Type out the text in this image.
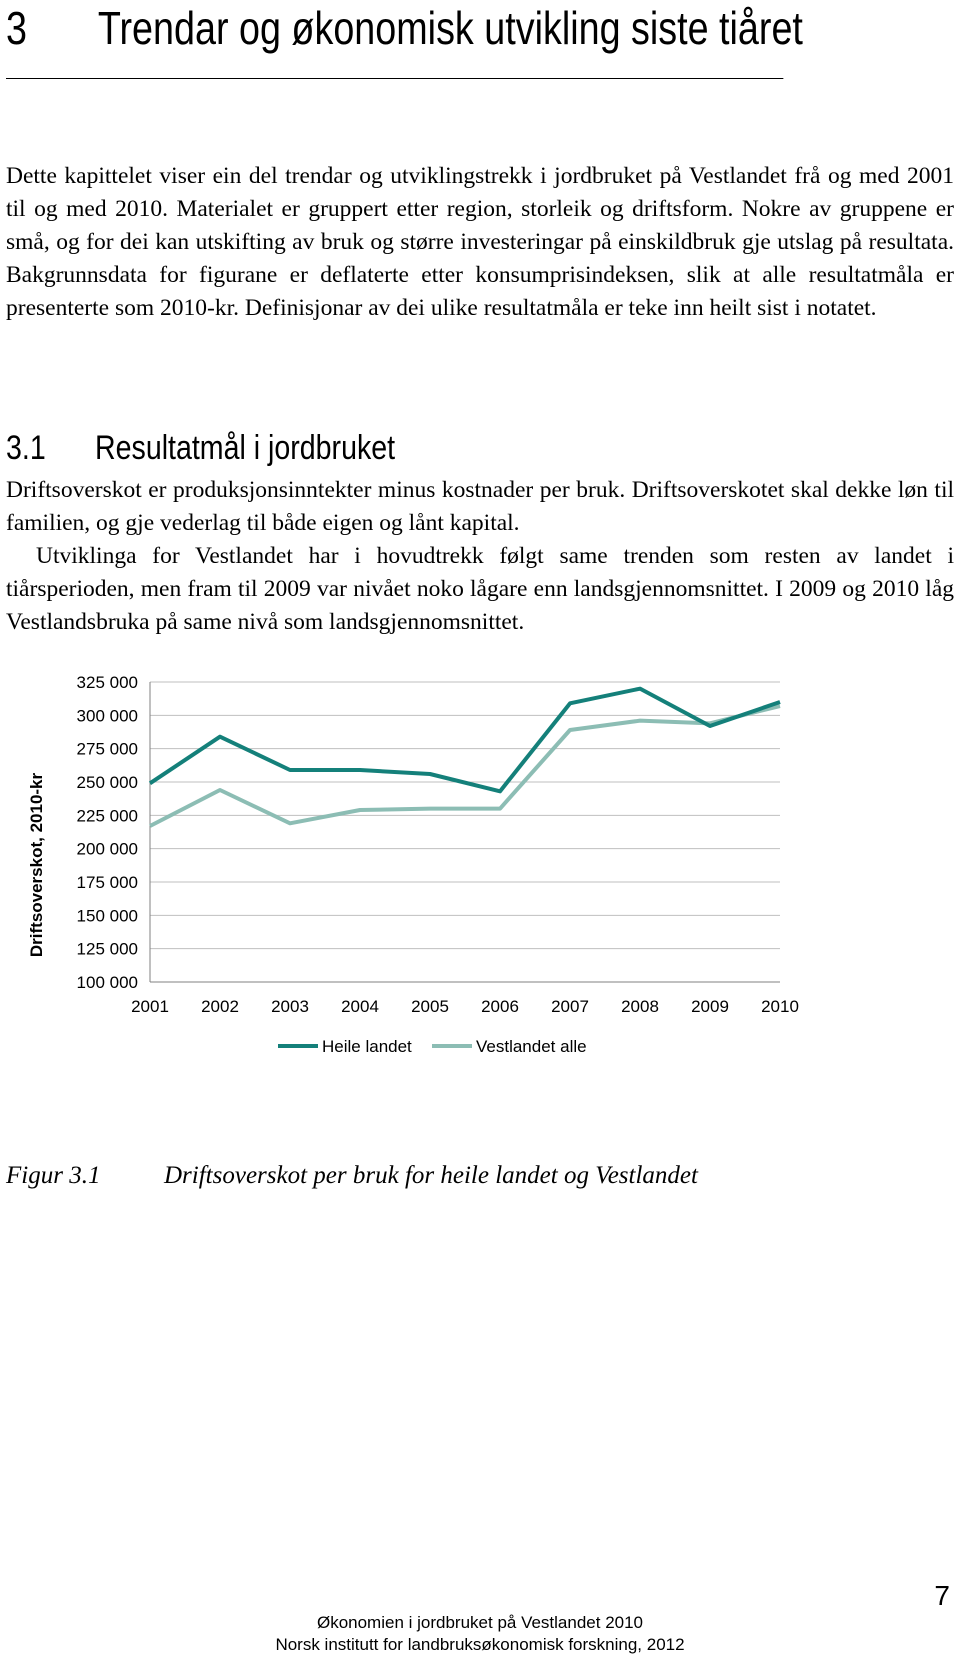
3 Trendar og økonomisk utvikling siste tiåret

Dette kapittelet viser ein del trendar og utviklingstrekk i jordbruket på Vestlandet frå og med 2001 til og med 2010. Materialet er gruppert etter region, storleik og driftsform. Nokre av gruppene er små, og for dei kan utskifting av bruk og større investeringar på einskildbruk gje utslag på resultata. Bakgrunnsdata for figurane er deflaterte etter konsumprisindeksen, slik at alle resultatmåla er presenterte som 2010-kr. Definisjonar av dei ulike resultatmåla er teke inn heilt sist i notatet.

3.1 Resultatmål i jordbruket

Driftsoverskot er produksjonsinntekter minus kostnader per bruk. Driftsoverskotet skal dekke løn til familien, og gje vederlag til både eigen og lånt kapital.

Utviklinga for Vestlandet har i hovudtrekk følgt same trenden som resten av landet i tiårsperioden, men fram til 2009 var nivået noko lågare enn landsgjennomsnittet. I 2009 og 2010 låg Vestlandsbruka på same nivå som landsgjennomsnittet.

100 000
125 000
150 000
175 000
200 000
225 000
250 000
275 000
300 000
325 000
2001 2002 2003 2004 2005 2006 2007 2008 2009 2010
Driftsoverskot, 2010-kr
Heile landet	Vestlandet alle
Figur 3.1	Driftsoverskot per bruk for heile landet og Vestlandet
7
Økonomien i jordbruket på Vestlandet 2010
Norsk institutt for landbruksøkonomisk forskning, 2012
